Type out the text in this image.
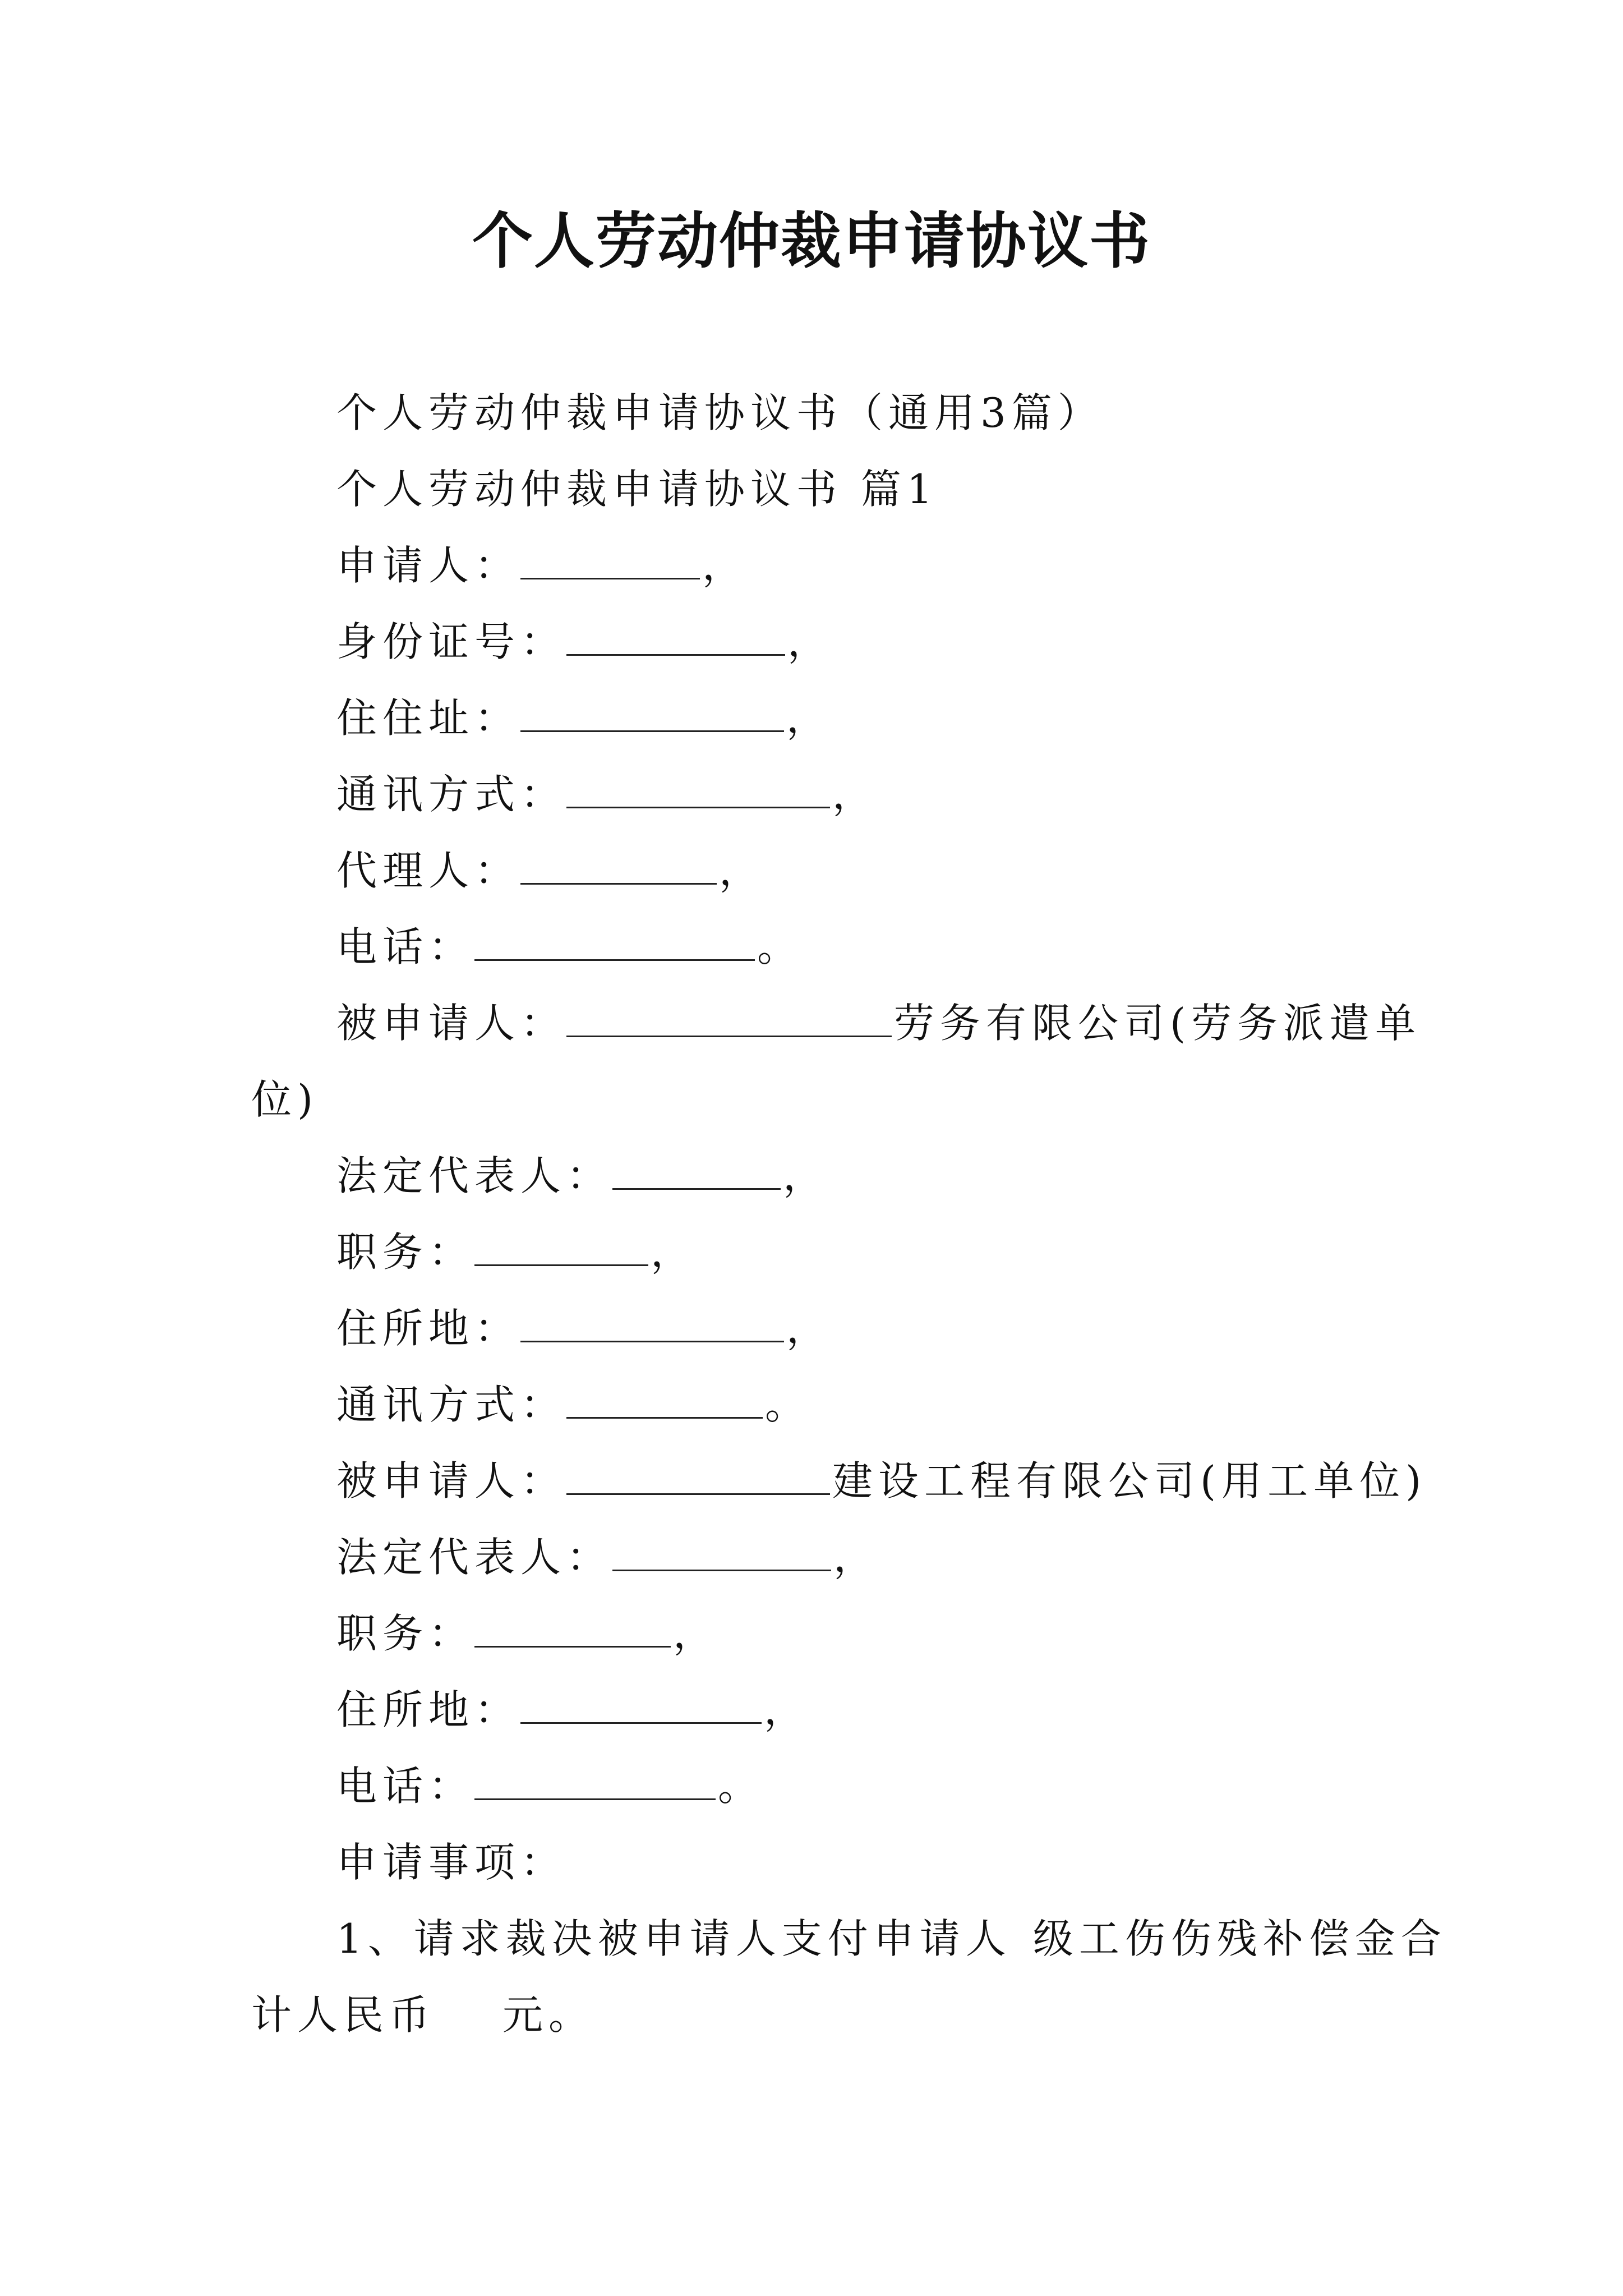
个人劳动仲裁申请协议书
个人劳动仲裁申请协议书（通用3篇）
个人劳动仲裁申请协议书 篇1
申请人：	，
身份证号：	，
住住址：	，
通讯方式：	，
代理人：	，
电话：	。
被申请人：	劳务有限公司(劳务派遣单
位)
法定代表人：	，
职务：	，
住所地：	，
通讯方式：	。
被申请人：	建设工程有限公司(用工单位)
法定代表人：	，
职务：	，
住所地：	，
电话：	。
申请事项：
1、请求裁决被申请人支付申请人 级工伤伤残补偿金合
计人民币 元。
